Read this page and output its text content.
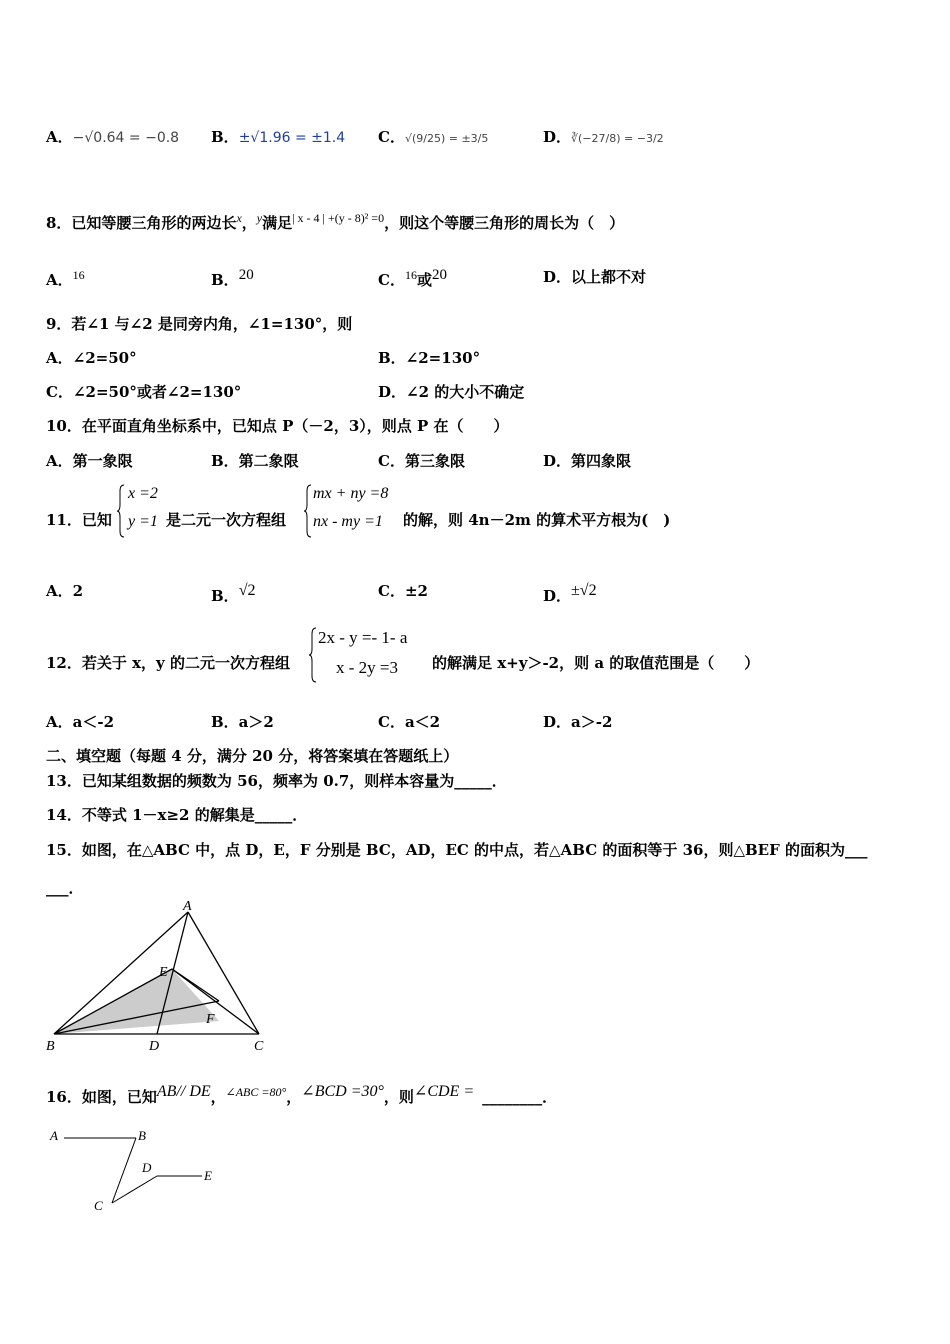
A．−√0.64 = −0.8 B．±√1.96 = ±1.4 C．√(9/25) = ±3/5	D．∛(−27/8) = −3/2
8．已知等腰三角形的两边长$^x$，$^y$满足$^{| x - 4 | +(y - 8)^2 =0}$，则这个等腰三角形的周长为（　）
A．$^{16}$	B．$^{20}$	C．$^{16}$或$^{20}$	D．以上都不对
9．若∠1 与∠2 是同旁内角，∠1=130°，则
A．∠2=50°	B．∠2=130°
C．∠2=50°或者∠2=130°	D．∠2 的大小不确定
10．在平面直角坐标系中，已知点 P（－2，3），则点 P 在（　　）
A．第一象限	B．第二象限	C．第三象限	D．第四象限
11．已知
x =2
y =1 是二元一次方程组
mx + ny =8
nx - my =1 的解，则 4n－2m 的算术平方根为(　)
A．2	B．$^{√2}$	C．±2	D．$^{\pm√2}$
12．若关于 x，y 的二元一次方程组
2x - y =- 1- a
x - 2y =3 的解满足 x+y＞-2，则 a 的取值范围是（　　）
A．a＜-2	B．a＞2	C．a＜2	D．a＞-2
二、填空题（每题 4 分，满分 20 分，将答案填在答题纸上）
13．已知某组数据的频数为 56，频率为 0.7，则样本容量为_____．
14．不等式 1－x≥2 的解集是_____．
15．如图，在△ABC 中，点 D，E，F 分别是 BC，AD，EC 的中点，若△ABC 的面积等于 36，则△BEF 的面积为___
___．
A
B	C
D
E
F
16．如图，已知$^{AB// DE}$，$^{\angle ABC =80^\circ}$，$^{\angle BCD =30^\circ}$，则$^{\angle CDE =}$ ________．
A	B
C
D
E
